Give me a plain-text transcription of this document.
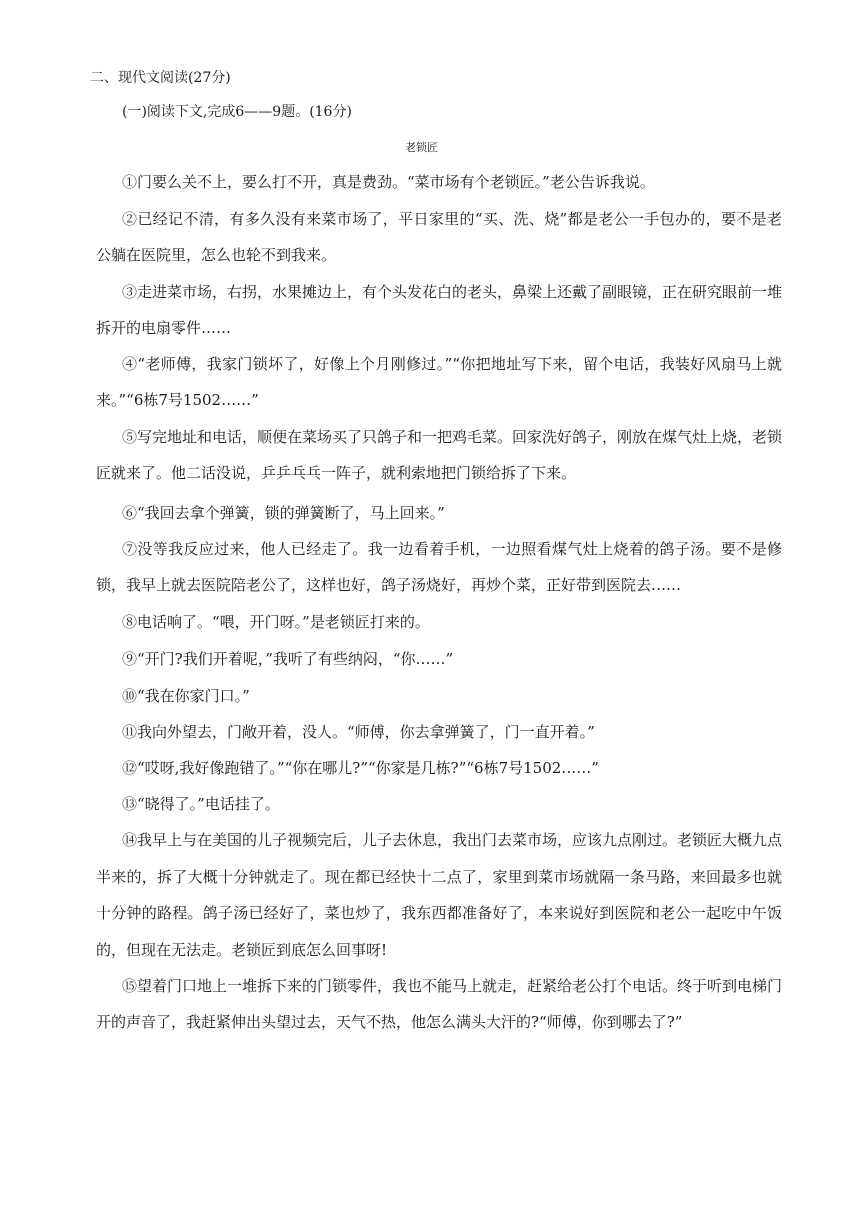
二、现代文阅读(27分)
(一)阅读下文,完成6——9题。(16分)
老锁匠

①门要么关不上，要么打不开，真是费劲。“菜市场有个老锁匠。”老公告诉我说。

②已经记不清，有多久没有来菜市场了，平日家里的“买、洗、烧”都是老公一手包办的，要不是老公躺在医院里，怎么也轮不到我来。

③走进菜市场，右拐，水果摊边上，有个头发花白的老头，鼻梁上还戴了副眼镜，正在研究眼前一堆拆开的电扇零件……

④“老师傅，我家门锁坏了，好像上个月刚修过。”“你把地址写下来，留个电话，我装好风扇马上就来。”“6栋7号1502……”

⑤写完地址和电话，顺便在菜场买了只鸽子和一把鸡毛菜。回家洗好鸽子，刚放在煤气灶上烧，老锁匠就来了。他二话没说，乒乒乓乓一阵子，就利索地把门锁给拆了下来。

⑥“我回去拿个弹簧，锁的弹簧断了，马上回来。”

⑦没等我反应过来，他人已经走了。我一边看着手机，一边照看煤气灶上烧着的鸽子汤。要不是修锁，我早上就去医院陪老公了，这样也好，鸽子汤烧好，再炒个菜，正好带到医院去……

⑧电话响了。“喂，开门呀。”是老锁匠打来的。

⑨“开门?我们开着呢，”我听了有些纳闷，“你……”

⑩“我在你家门口。”

⑪我向外望去，门敞开着，没人。“师傅，你去拿弹簧了，门一直开着。”

⑫“哎呀,我好像跑错了。”“你在哪儿?”“你家是几栋?”“6栋7号1502……”

⑬“晓得了。”电话挂了。

⑭我早上与在美国的儿子视频完后，儿子去休息，我出门去菜市场，应该九点刚过。老锁匠大概九点半来的，拆了大概十分钟就走了。现在都已经快十二点了，家里到菜市场就隔一条马路，来回最多也就十分钟的路程。鸽子汤已经好了，菜也炒了，我东西都准备好了，本来说好到医院和老公一起吃中午饭的，但现在无法走。老锁匠到底怎么回事呀!

⑮望着门口地上一堆拆下来的门锁零件，我也不能马上就走，赶紧给老公打个电话。终于听到电梯门开的声音了，我赶紧伸出头望过去，天气不热，他怎么满头大汗的?“师傅，你到哪去了?”
